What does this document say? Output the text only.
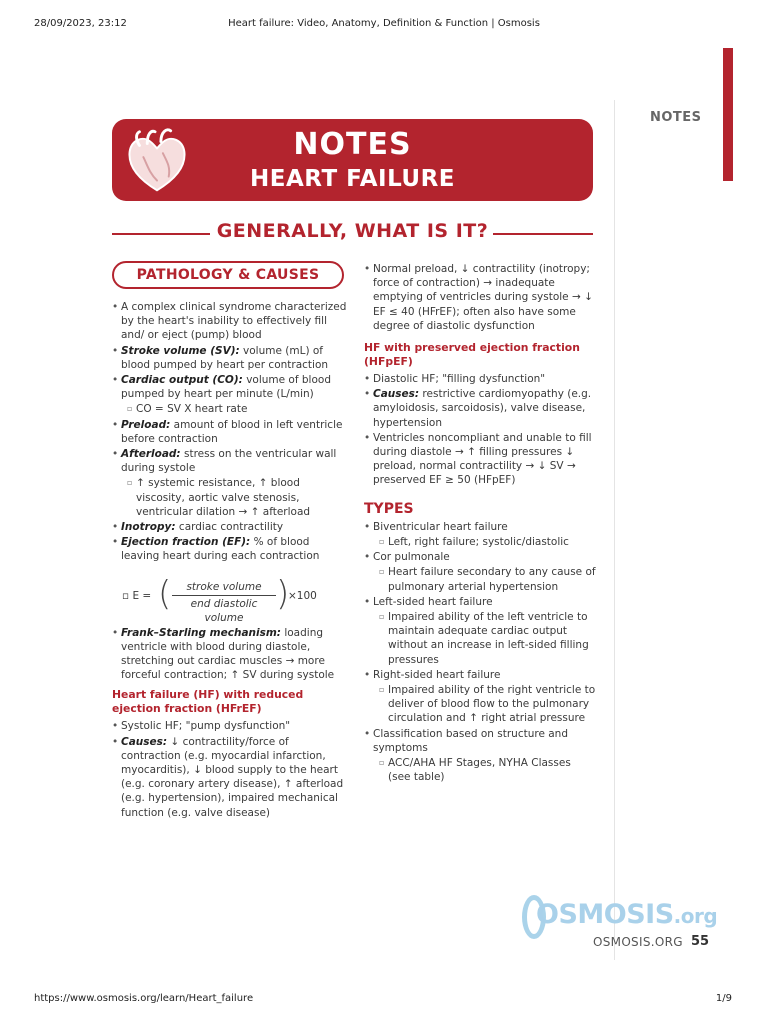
28/09/2023, 23:12	Heart failure: Video, Anatomy, Definition & Function | Osmosis
https://www.osmosis.org/learn/Heart_failure	1/9
NOTES
NOTES
HEART FAILURE
GENERALLY, WHAT IS IT?
PATHOLOGY & CAUSES
• A complex clinical syndrome characterized by the heart's inability to effectively fill and/ or eject (pump) blood
• Stroke volume (SV): volume (mL) of blood pumped by heart per contraction
• Cardiac output (CO): volume of blood pumped by heart per minute (L/min)
▫ CO = SV X heart rate
• Preload: amount of blood in left ventricle before contraction
• Afterload: stress on the ventricular wall during systole
▫ ↑ systemic resistance, ↑ blood viscosity, aortic valve stenosis, ventricular dilation → ↑ afterload
• Inotropy: cardiac contractility
• Ejection fraction (EF): % of blood leaving heart during each contraction
▫ E = (	stroke volume
end diastolic volume
)
×100
• Frank–Starling mechanism: loading ventricle with blood during diastole, stretching out cardiac muscles → more forceful contraction; ↑ SV during systole
Heart failure (HF) with reduced ejection fraction (HFrEF)
• Systolic HF; "pump dysfunction"
• Causes: ↓ contractility/force of contraction (e.g. myocardial infarction, myocarditis), ↓ blood supply to the heart (e.g. coronary artery disease), ↑ afterload (e.g. hypertension), impaired mechanical function (e.g. valve disease)
• Normal preload, ↓ contractility (inotropy; force of contraction) → inadequate emptying of ventricles during systole → ↓ EF ≤ 40 (HFrEF); often also have some degree of diastolic dysfunction
HF with preserved ejection fraction (HFpEF)
• Diastolic HF; "filling dysfunction"
• Causes: restrictive cardiomyopathy (e.g. amyloidosis, sarcoidosis), valve disease, hypertension
• Ventricles noncompliant and unable to fill during diastole → ↑ filling pressures ↓ preload, normal contractility → ↓ SV → preserved EF ≥ 50 (HFpEF)
TYPES
• Biventricular heart failure
▫ Left, right failure; systolic/diastolic
• Cor pulmonale
▫ Heart failure secondary to any cause of pulmonary arterial hypertension
• Left-sided heart failure
▫ Impaired ability of the left ventricle to maintain adequate cardiac output without an increase in left-sided filling pressures
• Right-sided heart failure
▫ Impaired ability of the right ventricle to deliver of blood flow to the pulmonary circulation and ↑ right atrial pressure
• Classification based on structure and symptoms
▫ ACC/AHA HF Stages, NYHA Classes (see table)
OSMOSIS.org
OSMOSIS.ORG 55
